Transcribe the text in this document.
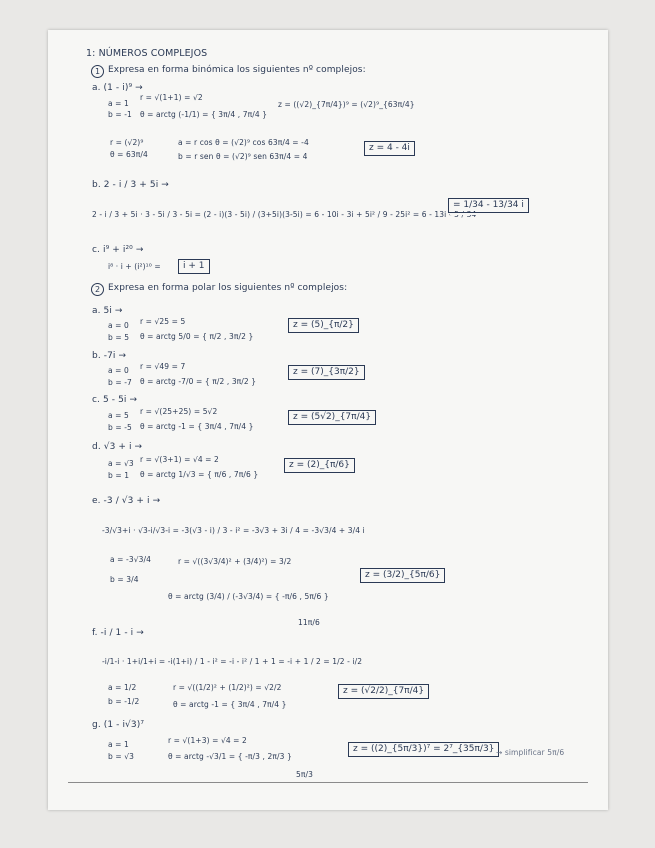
1: NÚMEROS COMPLEJOS
1 Expresa en forma binómica los siguientes nº complejos:
a. (1 - i)⁹ →
a = 1
b = -1
r = √(1+1) = √2
θ = arctg (-1/1) = { 3π/4 , 7π/4 }
z = ((√2)_{7π/4})⁹ = (√2)⁹_{63π/4}
r = (√2)⁹
θ = 63π/4
a = r cos θ = (√2)⁹ cos 63π/4 = -4
b = r sen θ = (√2)⁹ sen 63π/4 = 4
z = 4 - 4i
b. 2 - i / 3 + 5i →
2 - i / 3 + 5i · 3 - 5i / 3 - 5i = (2 - i)(3 - 5i) / (3+5i)(3-5i) = 6 - 10i - 3i + 5i² / 9 - 25i² = 6 - 13i - 5 / 34
= 1/34 - 13/34 i
c. i⁹ + i²⁰ →
i⁸ · i + (i²)¹⁰ =	i + 1
2 Expresa en forma polar los siguientes nº complejos:
a. 5i →
a = 0
b = 5
r = √25 = 5
θ = arctg 5/0 = { π/2 , 3π/2 }
z = (5)_{π/2}
b. -7i →
a = 0
b = -7
r = √49 = 7
θ = arctg -7/0 = { π/2 , 3π/2 }
z = (7)_{3π/2}
c. 5 - 5i →
a = 5
b = -5
r = √(25+25) = 5√2
θ = arctg -1 = { 3π/4 , 7π/4 }
z = (5√2)_{7π/4}
d. √3 + i →
a = √3
b = 1
r = √(3+1) = √4 = 2
θ = arctg 1/√3 = { π/6 , 7π/6 }
z = (2)_{π/6}
e. -3 / √3 + i →
-3/√3+i · √3-i/√3-i = -3(√3 - i) / 3 - i² = -3√3 + 3i / 4 = -3√3/4 + 3/4 i
a = -3√3/4
b = 3/4
r = √((3√3/4)² + (3/4)²) = 3/2
θ = arctg (3/4) / (-3√3/4) = { -π/6 , 5π/6 }
11π/6
z = (3/2)_{5π/6}
f. -i / 1 - i →
-i/1-i · 1+i/1+i = -i(1+i) / 1 - i² = -i - i² / 1 + 1 = -i + 1 / 2 = 1/2 - i/2
a = 1/2
b = -1/2
r = √((1/2)² + (1/2)²) = √2/2
θ = arctg -1 = { 3π/4 , 7π/4 }
z = (√2/2)_{7π/4}
g. (1 - i√3)⁷
a = 1
b = √3
r = √(1+3) = √4 = 2
θ = arctg -√3/1 = { -π/3 , 2π/3 }
5π/3
z = ((2)_{5π/3})⁷ = 2⁷_{35π/3} → simplificar 5π/6
